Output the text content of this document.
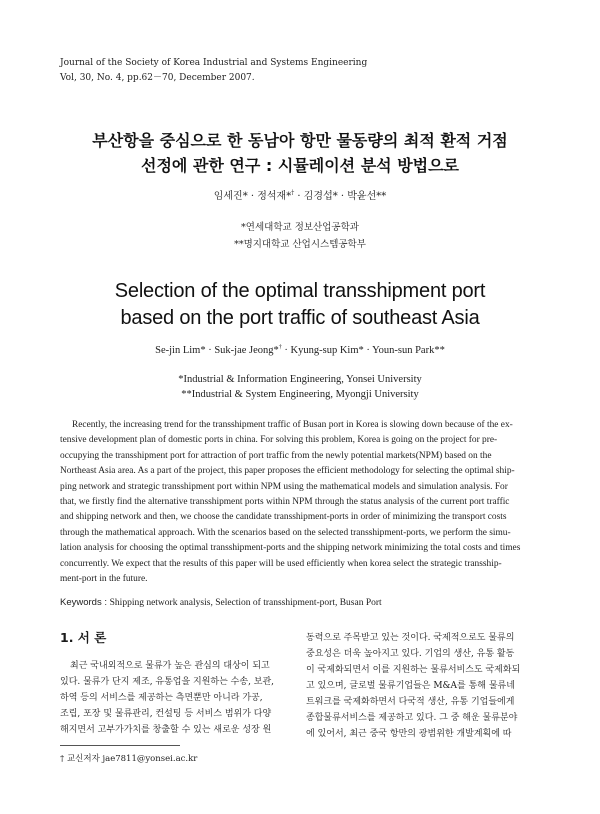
Journal of the Society of Korea Industrial and Systems Engineering
Vol, 30, No. 4, pp.62－70, December 2007.
부산항을 중심으로 한 동남아 항만 물동량의 최적 환적 거점
선정에 관한 연구 : 시뮬레이션 분석 방법으로
임세진* · 정석재*† · 김경섭* · 박윤선**
*연세대학교 정보산업공학과
**명지대학교 산업시스템공학부
Selection of the optimal transshipment port
based on the port traffic of southeast Asia
Se-jin Lim* · Suk-jae Jeong*† · Kyung-sup Kim* · Youn-sun Park**
*Industrial & Information Engineering, Yonsei University
**Industrial & System Engineering, Myongji University
Recently, the increasing trend for the transshipment traffic of Busan port in Korea is slowing down because of the ex-
tensive development plan of domestic ports in china. For solving this problem, Korea is going on the project for pre-
occupying the transshipment port for attraction of port traffic from the newly potential markets(NPM) based on the
Northeast Asia area. As a part of the project, this paper proposes the efficient methodology for selecting the optimal ship-
ping network and strategic transshipment port within NPM using the mathematical models and simulation analysis. For
that, we firstly find the alternative transshipment ports within NPM through the status analysis of the current port traffic
and shipping network and then, we choose the candidate transshipment-ports in order of minimizing the transport costs
through the mathematical approach. With the scenarios based on the selected transshipment-ports, we perform the simu-
lation analysis for choosing the optimal transshipment-ports and the shipping network minimizing the total costs and times
concurrently. We expect that the results of this paper will be used efficiently when korea select the strategic transship-
ment-port in the future.
Keywords : Shipping network analysis, Selection of transshipment-port, Busan Port
1. 서 론
최근 국내외적으로 물류가 높은 관심의 대상이 되고
있다. 물류가 단지 제조, 유통업을 지원하는 수송, 보관,
하역 등의 서비스를 제공하는 측면뿐만 아니라 가공,
조립, 포장 및 물류관리, 컨설팅 등 서비스 범위가 다양
해지면서 고부가가치를 창출할 수 있는 새로운 성장 원
동력으로 주목받고 있는 것이다. 국제적으로도 물류의
중요성은 더욱 높아지고 있다. 기업의 생산, 유통 활동
이 국제화되면서 이를 지원하는 물류서비스도 국제화되
고 있으며, 글로벌 물류기업들은 M&A를 통해 물류네
트워크를 국제화하면서 다국적 생산, 유통 기업들에게
종합물류서비스를 제공하고 있다. 그 중 해운 물류분야
에 있어서, 최근 중국 항만의 광범위한 개발계획에 따
† 교신저자 jae7811@yonsei.ac.kr
